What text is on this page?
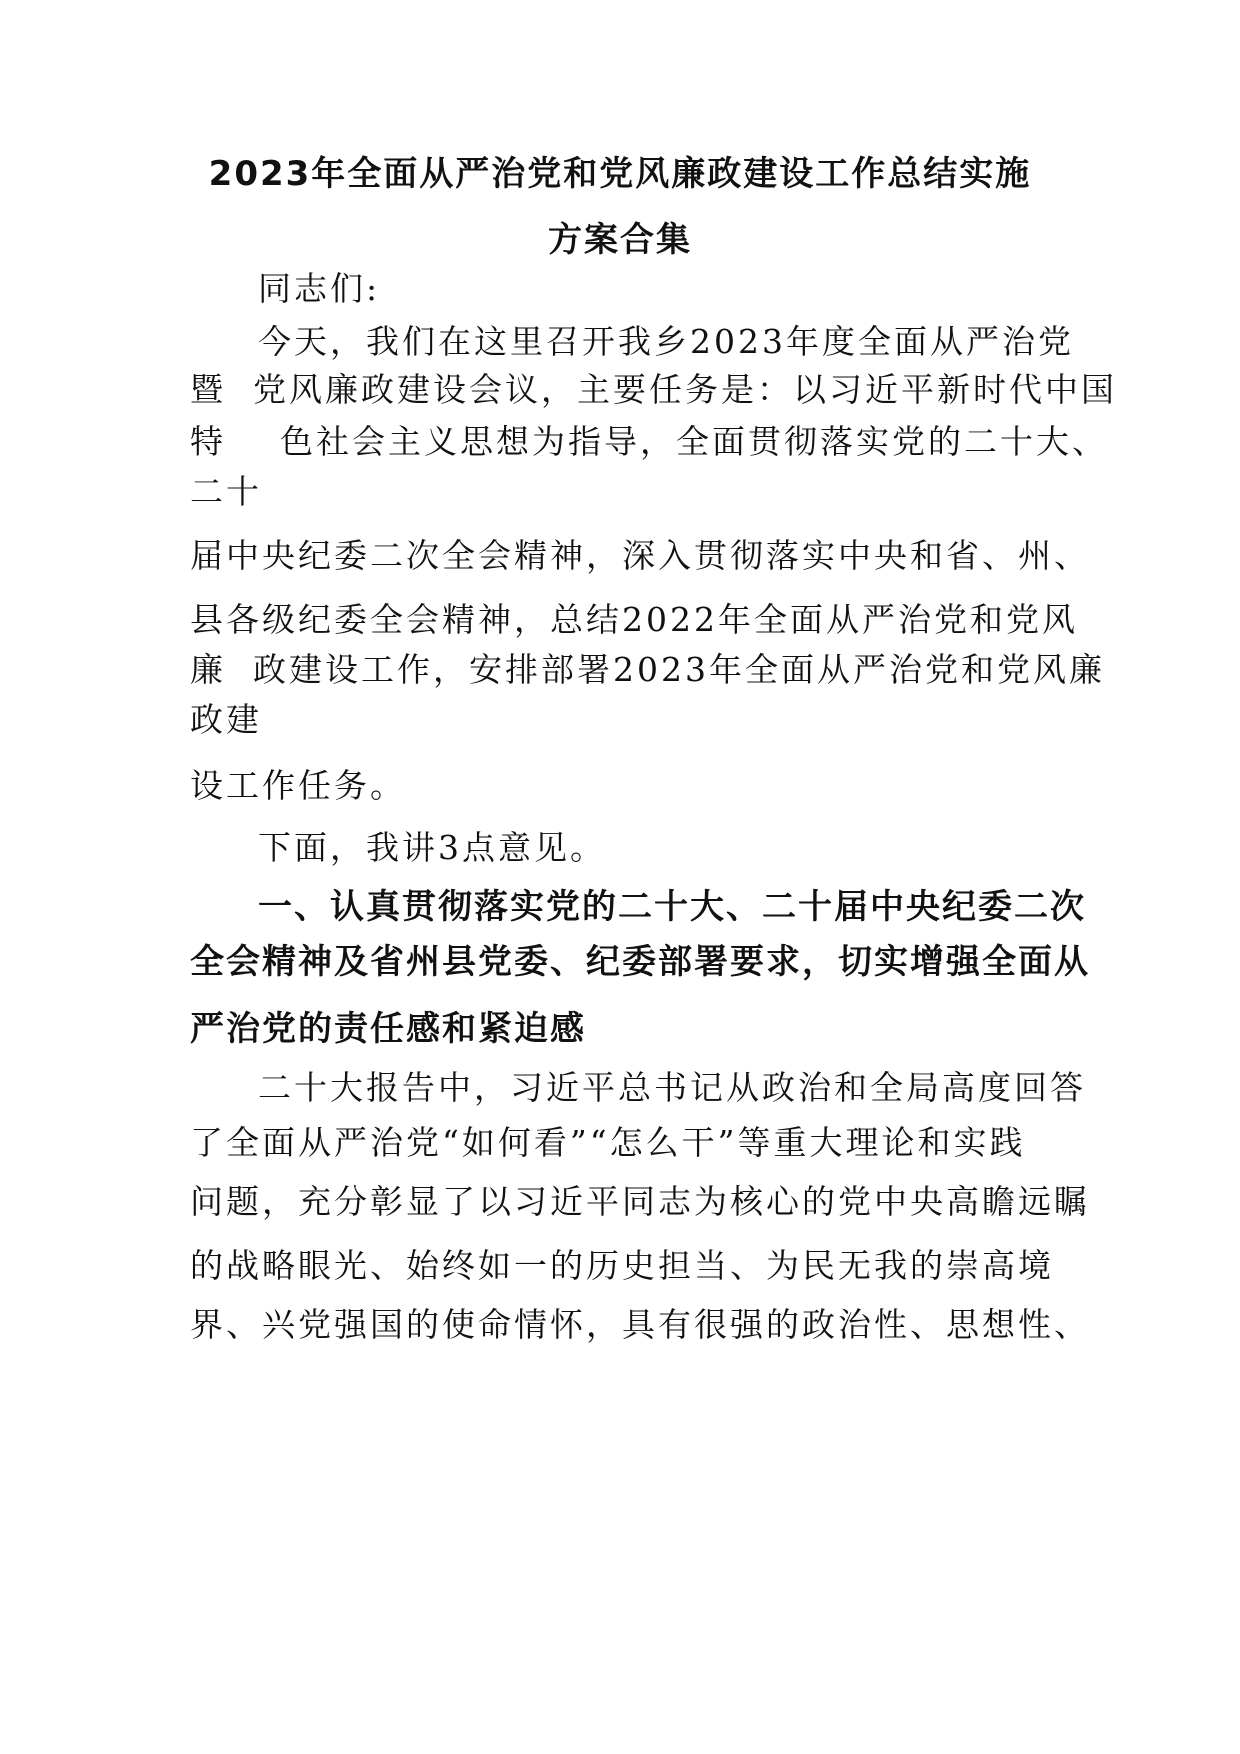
2023年全面从严治党和党风廉政建设工作总结实施
方案合集
同志们:
今天，我们在这里召开我乡2023年度全面从严治党
暨  党风廉政建设会议，主要任务是：以习近平新时代中国
特    色社会主义思想为指导，全面贯彻落实党的二十大、
二十
届中央纪委二次全会精神，深入贯彻落实中央和省、州、
县各级纪委全会精神，总结2022年全面从严治党和党风
廉  政建设工作，安排部署2023年全面从严治党和党风廉
政建
设工作任务。
下面，我讲3点意见。
一、认真贯彻落实党的二十大、二十届中央纪委二次
全会精神及省州县党委、纪委部署要求，切实增强全面从
严治党的责任感和紧迫感
二十大报告中，习近平总书记从政治和全局高度回答
了全面从严治党“如何看”“怎么干”等重大理论和实践
问题，充分彰显了以习近平同志为核心的党中央高瞻远瞩
的战略眼光、始终如一的历史担当、为民无我的崇高境
界、兴党强国的使命情怀，具有很强的政治性、思想性、
